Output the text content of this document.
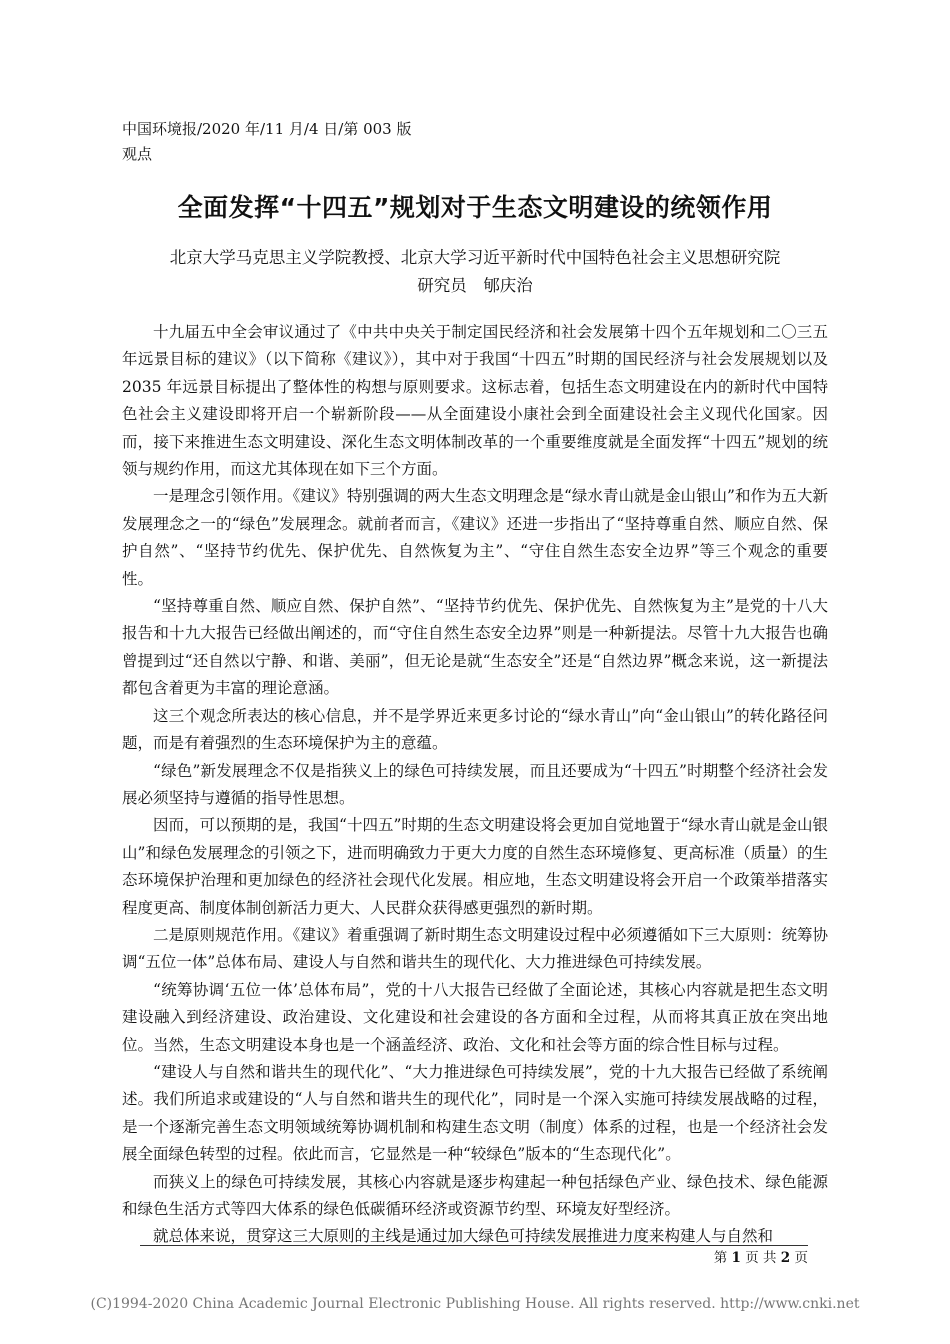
中国环境报/2020 年/11 月/4 日/第 003 版
观点
全面发挥“十四五”规划对于生态文明建设的统领作用
北京大学马克思主义学院教授、北京大学习近平新时代中国特色社会主义思想研究院
研究员　郇庆治

十九届五中全会审议通过了《中共中央关于制定国民经济和社会发展第十四个五年规划和二〇三五年远景目标的建议》（以下简称《建议》），其中对于我国“十四五”时期的国民经济与社会发展规划以及 2035 年远景目标提出了整体性的构想与原则要求。这标志着，包括生态文明建设在内的新时代中国特色社会主义建设即将开启一个崭新阶段——从全面建设小康社会到全面建设社会主义现代化国家。因而，接下来推进生态文明建设、深化生态文明体制改革的一个重要维度就是全面发挥“十四五”规划的统领与规约作用，而这尤其体现在如下三个方面。

一是理念引领作用。《建议》特别强调的两大生态文明理念是“绿水青山就是金山银山”和作为五大新发展理念之一的“绿色”发展理念。就前者而言，《建议》还进一步指出了“坚持尊重自然、顺应自然、保护自然”、“坚持节约优先、保护优先、自然恢复为主”、“守住自然生态安全边界”等三个观念的重要性。

“坚持尊重自然、顺应自然、保护自然”、“坚持节约优先、保护优先、自然恢复为主”是党的十八大报告和十九大报告已经做出阐述的，而“守住自然生态安全边界”则是一种新提法。尽管十九大报告也确曾提到过“还自然以宁静、和谐、美丽”，但无论是就“生态安全”还是“自然边界”概念来说，这一新提法都包含着更为丰富的理论意涵。

这三个观念所表达的核心信息，并不是学界近来更多讨论的“绿水青山”向“金山银山”的转化路径问题，而是有着强烈的生态环境保护为主的意蕴。

“绿色”新发展理念不仅是指狭义上的绿色可持续发展，而且还要成为“十四五”时期整个经济社会发展必须坚持与遵循的指导性思想。

因而，可以预期的是，我国“十四五”时期的生态文明建设将会更加自觉地置于“绿水青山就是金山银山”和绿色发展理念的引领之下，进而明确致力于更大力度的自然生态环境修复、更高标准（质量）的生态环境保护治理和更加绿色的经济社会现代化发展。相应地，生态文明建设将会开启一个政策举措落实程度更高、制度体制创新活力更大、人民群众获得感更强烈的新时期。

二是原则规范作用。《建议》着重强调了新时期生态文明建设过程中必须遵循如下三大原则：统筹协调“五位一体”总体布局、建设人与自然和谐共生的现代化、大力推进绿色可持续发展。

“统筹协调‘五位一体’总体布局”，党的十八大报告已经做了全面论述，其核心内容就是把生态文明建设融入到经济建设、政治建设、文化建设和社会建设的各方面和全过程，从而将其真正放在突出地位。当然，生态文明建设本身也是一个涵盖经济、政治、文化和社会等方面的综合性目标与过程。

“建设人与自然和谐共生的现代化”、“大力推进绿色可持续发展”，党的十九大报告已经做了系统阐述。我们所追求或建设的“人与自然和谐共生的现代化”，同时是一个深入实施可持续发展战略的过程，是一个逐渐完善生态文明领域统筹协调机制和构建生态文明（制度）体系的过程，也是一个经济社会发展全面绿色转型的过程。依此而言，它显然是一种“较绿色”版本的“生态现代化”。

而狭义上的绿色可持续发展，其核心内容就是逐步构建起一种包括绿色产业、绿色技术、绿色能源和绿色生活方式等四大体系的绿色低碳循环经济或资源节约型、环境友好型经济。

就总体来说，贯穿这三大原则的主线是通过加大绿色可持续发展推进力度来构建人与自然和

第 1 页 共 2 页
(C)1994-2020 China Academic Journal Electronic Publishing House. All rights reserved. http://www.cnki.net
